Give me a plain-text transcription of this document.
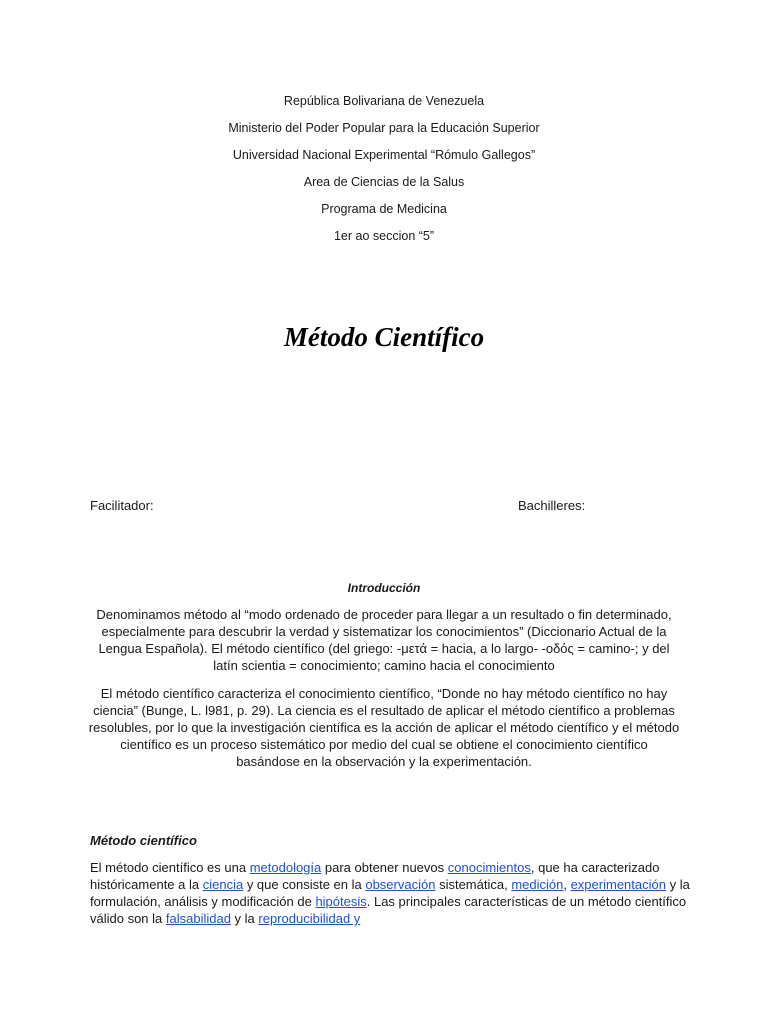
República Bolivariana de Venezuela
Ministerio del Poder Popular para la Educación Superior
Universidad Nacional Experimental “Rómulo Gallegos”
Area de Ciencias de la Salus
Programa de Medicina
1er ao seccion “5”
Método Científico
Facilitador:	Bachilleres:
Introducción
Denominamos método al “modo ordenado de proceder para llegar a un resultado o fin determinado, especialmente para descubrir la verdad y sistematizar los conocimientos” (Diccionario Actual de la Lengua Española). El método científico (del griego: -μετά = hacia, a lo largo- -οδός = camino-; y del latín scientia = conocimiento; camino hacia el conocimiento
El método científico caracteriza el conocimiento científico, “Donde no hay método científico no hay ciencia” (Bunge, L. l981, p. 29). La ciencia es el resultado de aplicar el método científico a problemas resolubles, por lo que la investigación científica es la acción de aplicar el método científico y el método científico es un proceso sistemático por medio del cual se obtiene el conocimiento científico basándose en la observación y la experimentación.
Método científico

El método científico es una metodología para obtener nuevos conocimientos, que ha caracterizado históricamente a la ciencia y que consiste en la observación sistemática, medición, experimentación y la formulación, análisis y modificación de hipótesis. Las principales características de un método científico válido son la falsabilidad y la reproducibilidad y
